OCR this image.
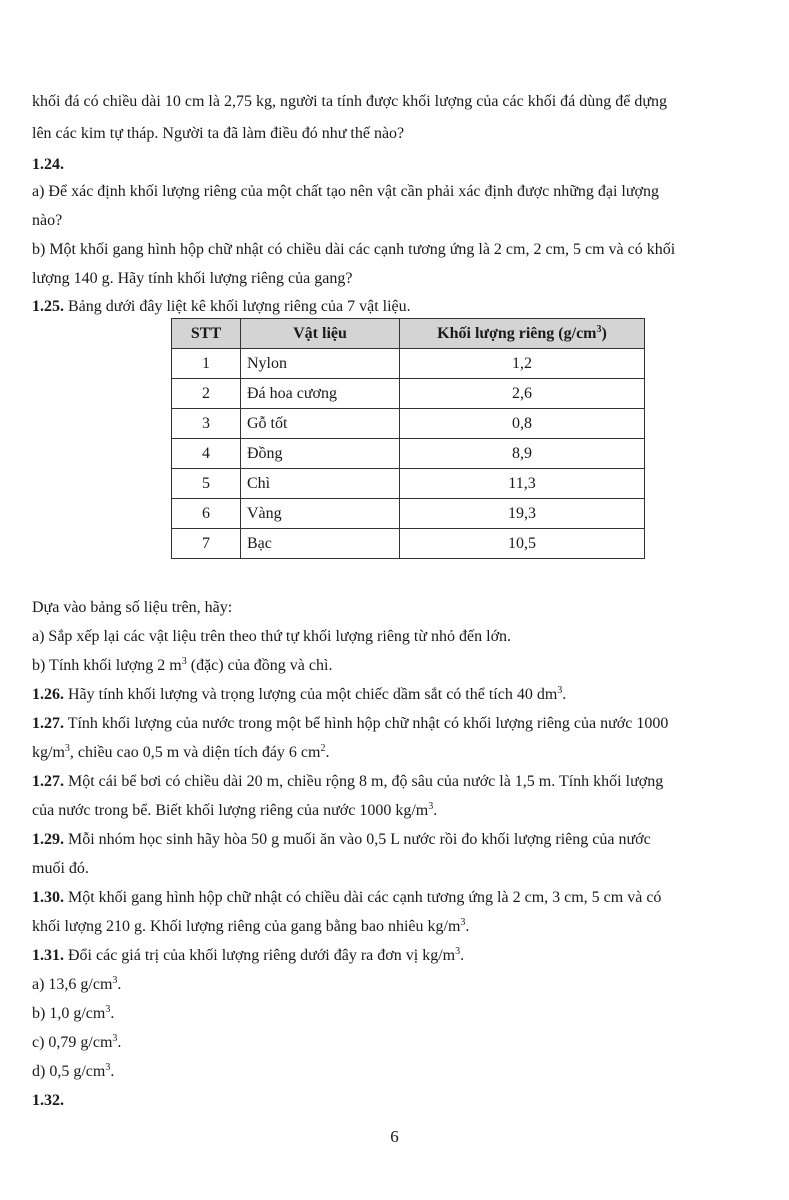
khối đá có chiều dài 10 cm là 2,75 kg, người ta tính được khối lượng của các khối đá dùng để dựng
lên các kim tự tháp. Người ta đã làm điều đó như thế nào?
1.24.
a) Để xác định khối lượng riêng của một chất tạo nên vật cần phải xác định được những đại lượng
nào?
b) Một khối gang hình hộp chữ nhật có chiều dài các cạnh tương ứng là 2 cm, 2 cm, 5 cm và có khối
lượng 140 g. Hãy tính khối lượng riêng của gang?
1.25. Bảng dưới đây liệt kê khối lượng riêng của 7 vật liệu.
STT	Vật liệu	Khối lượng riêng $(g/cm^3)$
1	Nylon	1,2
2	Đá hoa cương	2,6
3	Gỗ tốt	0,8
4	Đồng	8,9
5	Chì	11,3
6	Vàng	19,3
7	Bạc	10,5
Dựa vào bảng số liệu trên, hãy:
a) Sắp xếp lại các vật liệu trên theo thứ tự khối lượng riêng từ nhỏ đến lớn.
b) Tính khối lượng 2 $m^3$ (đặc) của đồng và chì.
1.26. Hãy tính khối lượng và trọng lượng của một chiếc dầm sắt có thể tích 40 $dm^3$.
1.27. Tính khối lượng của nước trong một bể hình hộp chữ nhật có khối lượng riêng của nước 1000
$kg/m^3$, chiều cao 0,5 m và diện tích đáy 6 $cm^2$.
1.27. Một cái bể bơi có chiều dài 20 m, chiều rộng 8 m, độ sâu của nước là 1,5 m. Tính khối lượng
của nước trong bể. Biết khối lượng riêng của nước 1000 $kg/m^3$.
1.29. Mỗi nhóm học sinh hãy hòa 50 g muối ăn vào 0,5 L nước rồi đo khối lượng riêng của nước
muối đó.
1.30. Một khối gang hình hộp chữ nhật có chiều dài các cạnh tương ứng là 2 cm, 3 cm, 5 cm và có
khối lượng 210 g. Khối lượng riêng của gang bằng bao nhiêu $kg/m^3$.
1.31. Đổi các giá trị của khối lượng riêng dưới đây ra đơn vị $kg/m^3$.
a) 13,6 $g/cm^3$.
b) 1,0 $g/cm^3$.
c) 0,79 $g/cm^3$.
d) 0,5 $g/cm^3$.
1.32.
6
